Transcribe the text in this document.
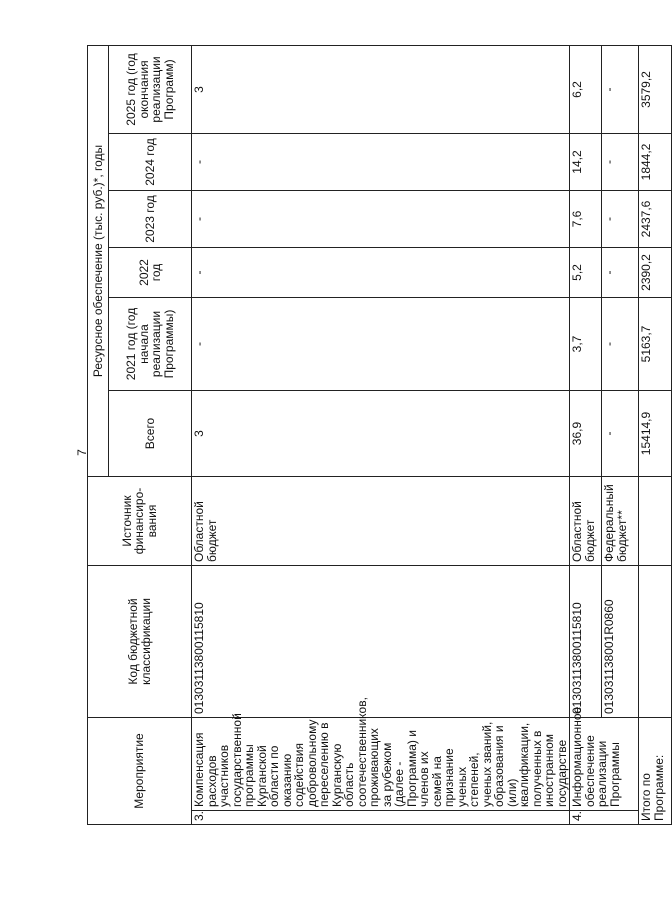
7
Мероприятие		Код бюджетной классификации	Источник финансиро-вания	Ресурсное обеспечение (тыс. руб.)*, годы					
				Всего	2021 год (год начала реализации Программы)	2022 год	2023 год	2024 год	2025 год (год окончания реализации Программ)
3.	Компенсация расходов участников государственной программы Курганской области по оказанию содействия добровольному переселению в Курганскую область соотечественников, проживающих за рубежом (далее - Программа) и членов их семей на признание ученых степеней, ученых званий, образования и (или) квалификации, полученных в иностранном государстве	01303113800115810	Областной бюджет	3	-	-	-	-	3
4.	Информационное обеспечение реализации Программы	01303113800115810	Областной бюджет	36,9	3,7	5,2	7,6	14,2	6,2
		01303113800​1R0860	Федеральный бюджет**	-	-	-	-	-	-
Итого по Программе:				15414,9	5163,7	2390,2	2437,6	1844,2	3579,2
